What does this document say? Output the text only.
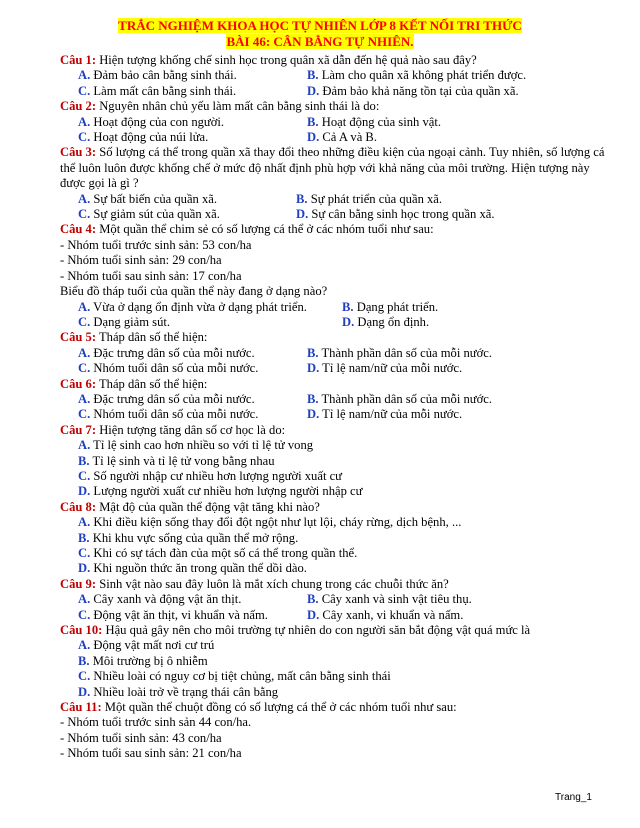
TRẮC NGHIỆM KHOA HỌC TỰ NHIÊN LỚP 8 KẾT NỐI TRI THỨC
BÀI 46: CÂN BẰNG TỰ NHIÊN.
Câu 1: Hiện tượng khống chế sinh học trong quân xã dẫn đến hệ quả nào sau đây?
A. Đảm bảo cân bằng sinh thái.	B. Làm cho quân xã không phát triển được.
C. Làm mất cân bằng sinh thái.	D. Đảm bảo khả năng tồn tại của quần xã.
Câu 2: Nguyên nhân chủ yếu làm mất cân bằng sinh thái là do:
A. Hoạt động của con người.	B. Hoạt động của sinh vật.
C. Hoạt động của núi lửa.	D. Cả A và B.
Câu 3: Số lượng cá thể trong quần xã thay đổi theo những điều kiện của ngoại cảnh. Tuy nhiên, số lượng cá thể luôn luôn được khống chế ở mức độ nhất định phù hợp với khả năng của môi trường. Hiện tượng này được gọi là gì ?
A. Sự bất biến của quần xã.	B. Sự phát triển của quần xã.
C. Sự giảm sút của quần xã.	D. Sự cân bằng sinh học trong quần xã.
Câu 4: Một quần thể chim sẻ có số lượng cá thể ở các nhóm tuổi như sau:
- Nhóm tuổi trước sinh sản: 53 con/ha
- Nhóm tuổi sinh sản: 29 con/ha
- Nhóm tuổi sau sinh sản: 17 con/ha
Biểu đồ tháp tuổi của quần thể này đang ở dạng nào?
A. Vừa ở dạng ổn định vừa ở dạng phát triển.	B. Dạng phát triển.
C. Dạng giảm sút.	D. Dạng ổn định.
Câu 5: Tháp dân số thể hiện:
A. Đặc trưng dân số của mỗi nước.	B. Thành phần dân số của mỗi nước.
C. Nhóm tuổi dân số của mỗi nước.	D. Tỉ lệ nam/nữ của mỗi nước.
Câu 6: Tháp dân số thể hiện:
A. Đặc trưng dân số của mỗi nước.	B. Thành phần dân số của mỗi nước.
C. Nhóm tuổi dân số của mỗi nước.	D. Tỉ lệ nam/nữ của mỗi nước.
Câu 7: Hiện tượng tăng dân số cơ học là do:
A. Tỉ lệ sinh cao hơn nhiều so với tỉ lệ tử vong
B. Tỉ lệ sinh và tỉ lệ tử vong bằng nhau
C. Số người nhập cư nhiều hơn lượng người xuất cư
D. Lượng người xuất cư nhiều hơn lượng người nhập cư
Câu 8: Mật độ của quần thể động vật tăng khi nào?
A. Khi điều kiện sống thay đổi đột ngột như lụt lội, cháy rừng, dịch bệnh, ...
B. Khi khu vực sống của quần thể mở rộng.
C. Khi có sự tách đàn của một số cá thể trong quần thể.
D. Khi nguồn thức ăn trong quần thể dồi dào.
Câu 9: Sinh vật nào sau đây luôn là mắt xích chung trong các chuỗi thức ăn?
A. Cây xanh và động vật ăn thịt.	B. Cây xanh và sinh vật tiêu thụ.
C. Động vật ăn thịt, vi khuẩn và nấm.	D. Cây xanh, vi khuẩn và nấm.
Câu 10: Hậu quả gây nên cho môi trường tự nhiên do con người săn bắt động vật quá mức là
A. Động vật mất nơi cư trú
B. Môi trường bị ô nhiễm
C. Nhiều loài có nguy cơ bị tiệt chủng, mất cân bằng sinh thái
D. Nhiều loài trở về trạng thái cân bằng
Câu 11: Một quần thể chuột đồng có số lượng cá thể ở các nhóm tuổi như sau:
- Nhóm tuổi trước sinh sản 44 con/ha.
- Nhóm tuổi sinh sản: 43 con/ha
- Nhóm tuổi sau sinh sản: 21 con/ha
Trang_1
